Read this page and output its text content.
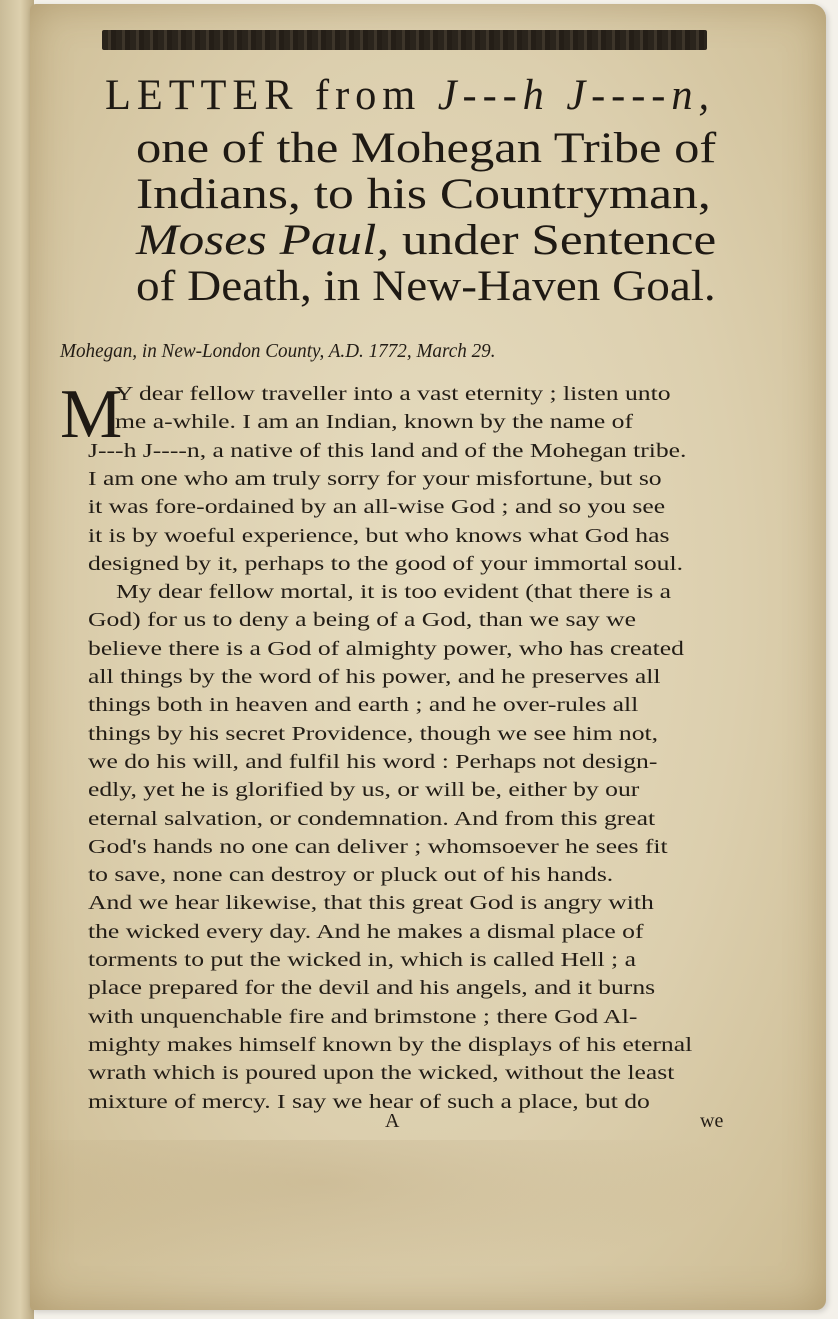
LETTER from J---h J----n,
one of the Mohegan Tribe of
Indians, to his Countryman,
Moses Paul, under Sentence
of Death, in New-Haven Goal.
Mohegan, in New-London County, A.D. 1772, March 29.
M
Y dear fellow traveller into a vast eternity ; listen unto
me a-while. I am an Indian, known by the name of
J---h J----n, a native of this land and of the Mohegan tribe.
I am one who am truly sorry for your misfortune, but so
it was fore-ordained by an all-wise God ; and so you see
it is by woeful experience, but who knows what God has
designed by it, perhaps to the good of your immortal soul.
My dear fellow mortal, it is too evident (that there is a
God) for us to deny a being of a God, than we say we
believe there is a God of almighty power, who has created
all things by the word of his power, and he preserves all
things both in heaven and earth ; and he over-rules all
things by his secret Providence, though we see him not,
we do his will, and fulfil his word : Perhaps not design-
edly, yet he is glorified by us, or will be, either by our
eternal salvation, or condemnation. And from this great
God's hands no one can deliver ; whomsoever he sees fit
to save, none can destroy or pluck out of his hands.
And we hear likewise, that this great God is angry with
the wicked every day. And he makes a dismal place of
torments to put the wicked in, which is called Hell ; a
place prepared for the devil and his angels, and it burns
with unquenchable fire and brimstone ; there God Al-
mighty makes himself known by the displays of his eternal
wrath which is poured upon the wicked, without the least
mixture of mercy. I say we hear of such a place, but do
A	we
